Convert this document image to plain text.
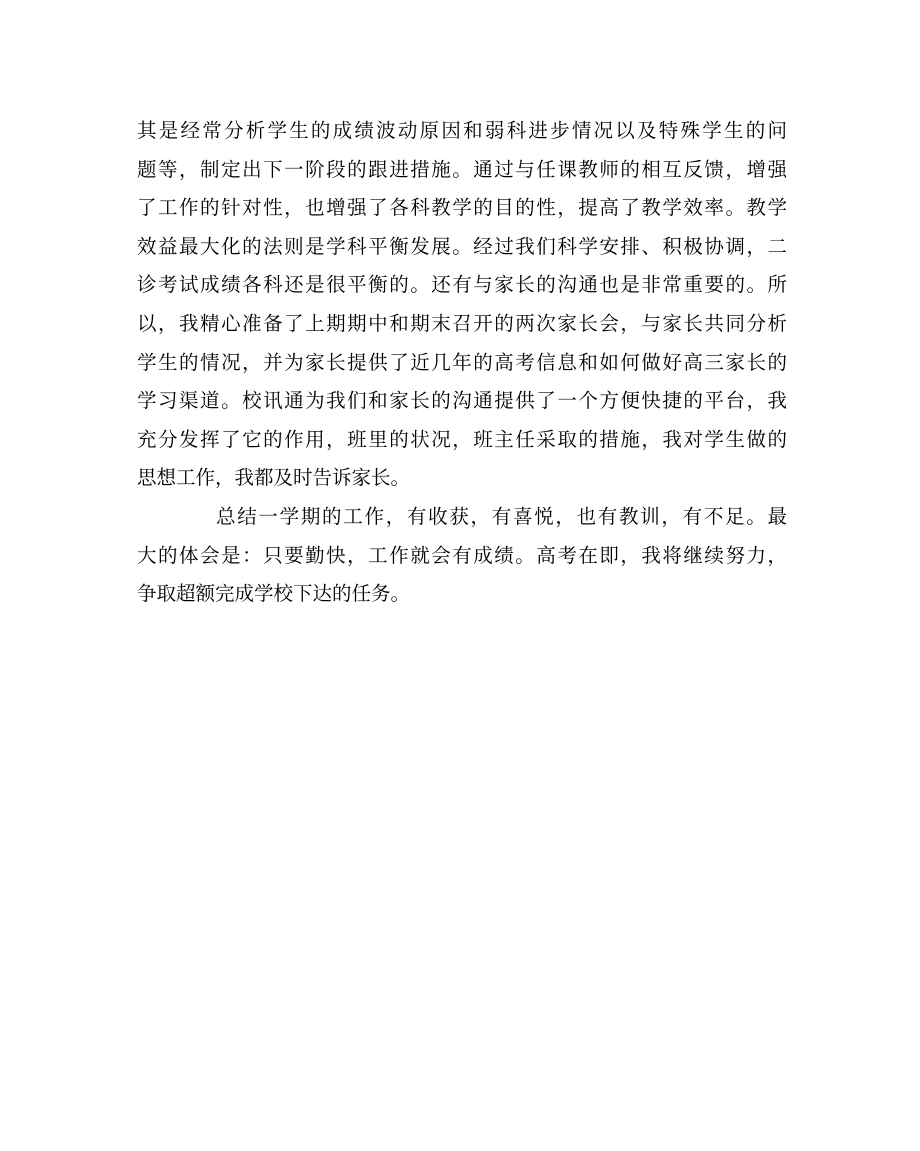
其是经常分析学生的成绩波动原因和弱科进步情况以及特殊学生的问
题等，制定出下一阶段的跟进措施。通过与任课教师的相互反馈，增强
了工作的针对性，也增强了各科教学的目的性，提高了教学效率。教学
效益最大化的法则是学科平衡发展。经过我们科学安排、积极协调，二
诊考试成绩各科还是很平衡的。还有与家长的沟通也是非常重要的。所
以，我精心准备了上期期中和期末召开的两次家长会，与家长共同分析
学生的情况，并为家长提供了近几年的高考信息和如何做好高三家长的
学习渠道。校讯通为我们和家长的沟通提供了一个方便快捷的平台，我
充分发挥了它的作用，班里的状况，班主任采取的措施，我对学生做的
思想工作，我都及时告诉家长。
总结一学期的工作，有收获，有喜悦，也有教训，有不足。最
大的体会是：只要勤快，工作就会有成绩。高考在即，我将继续努力，
争取超额完成学校下达的任务。
